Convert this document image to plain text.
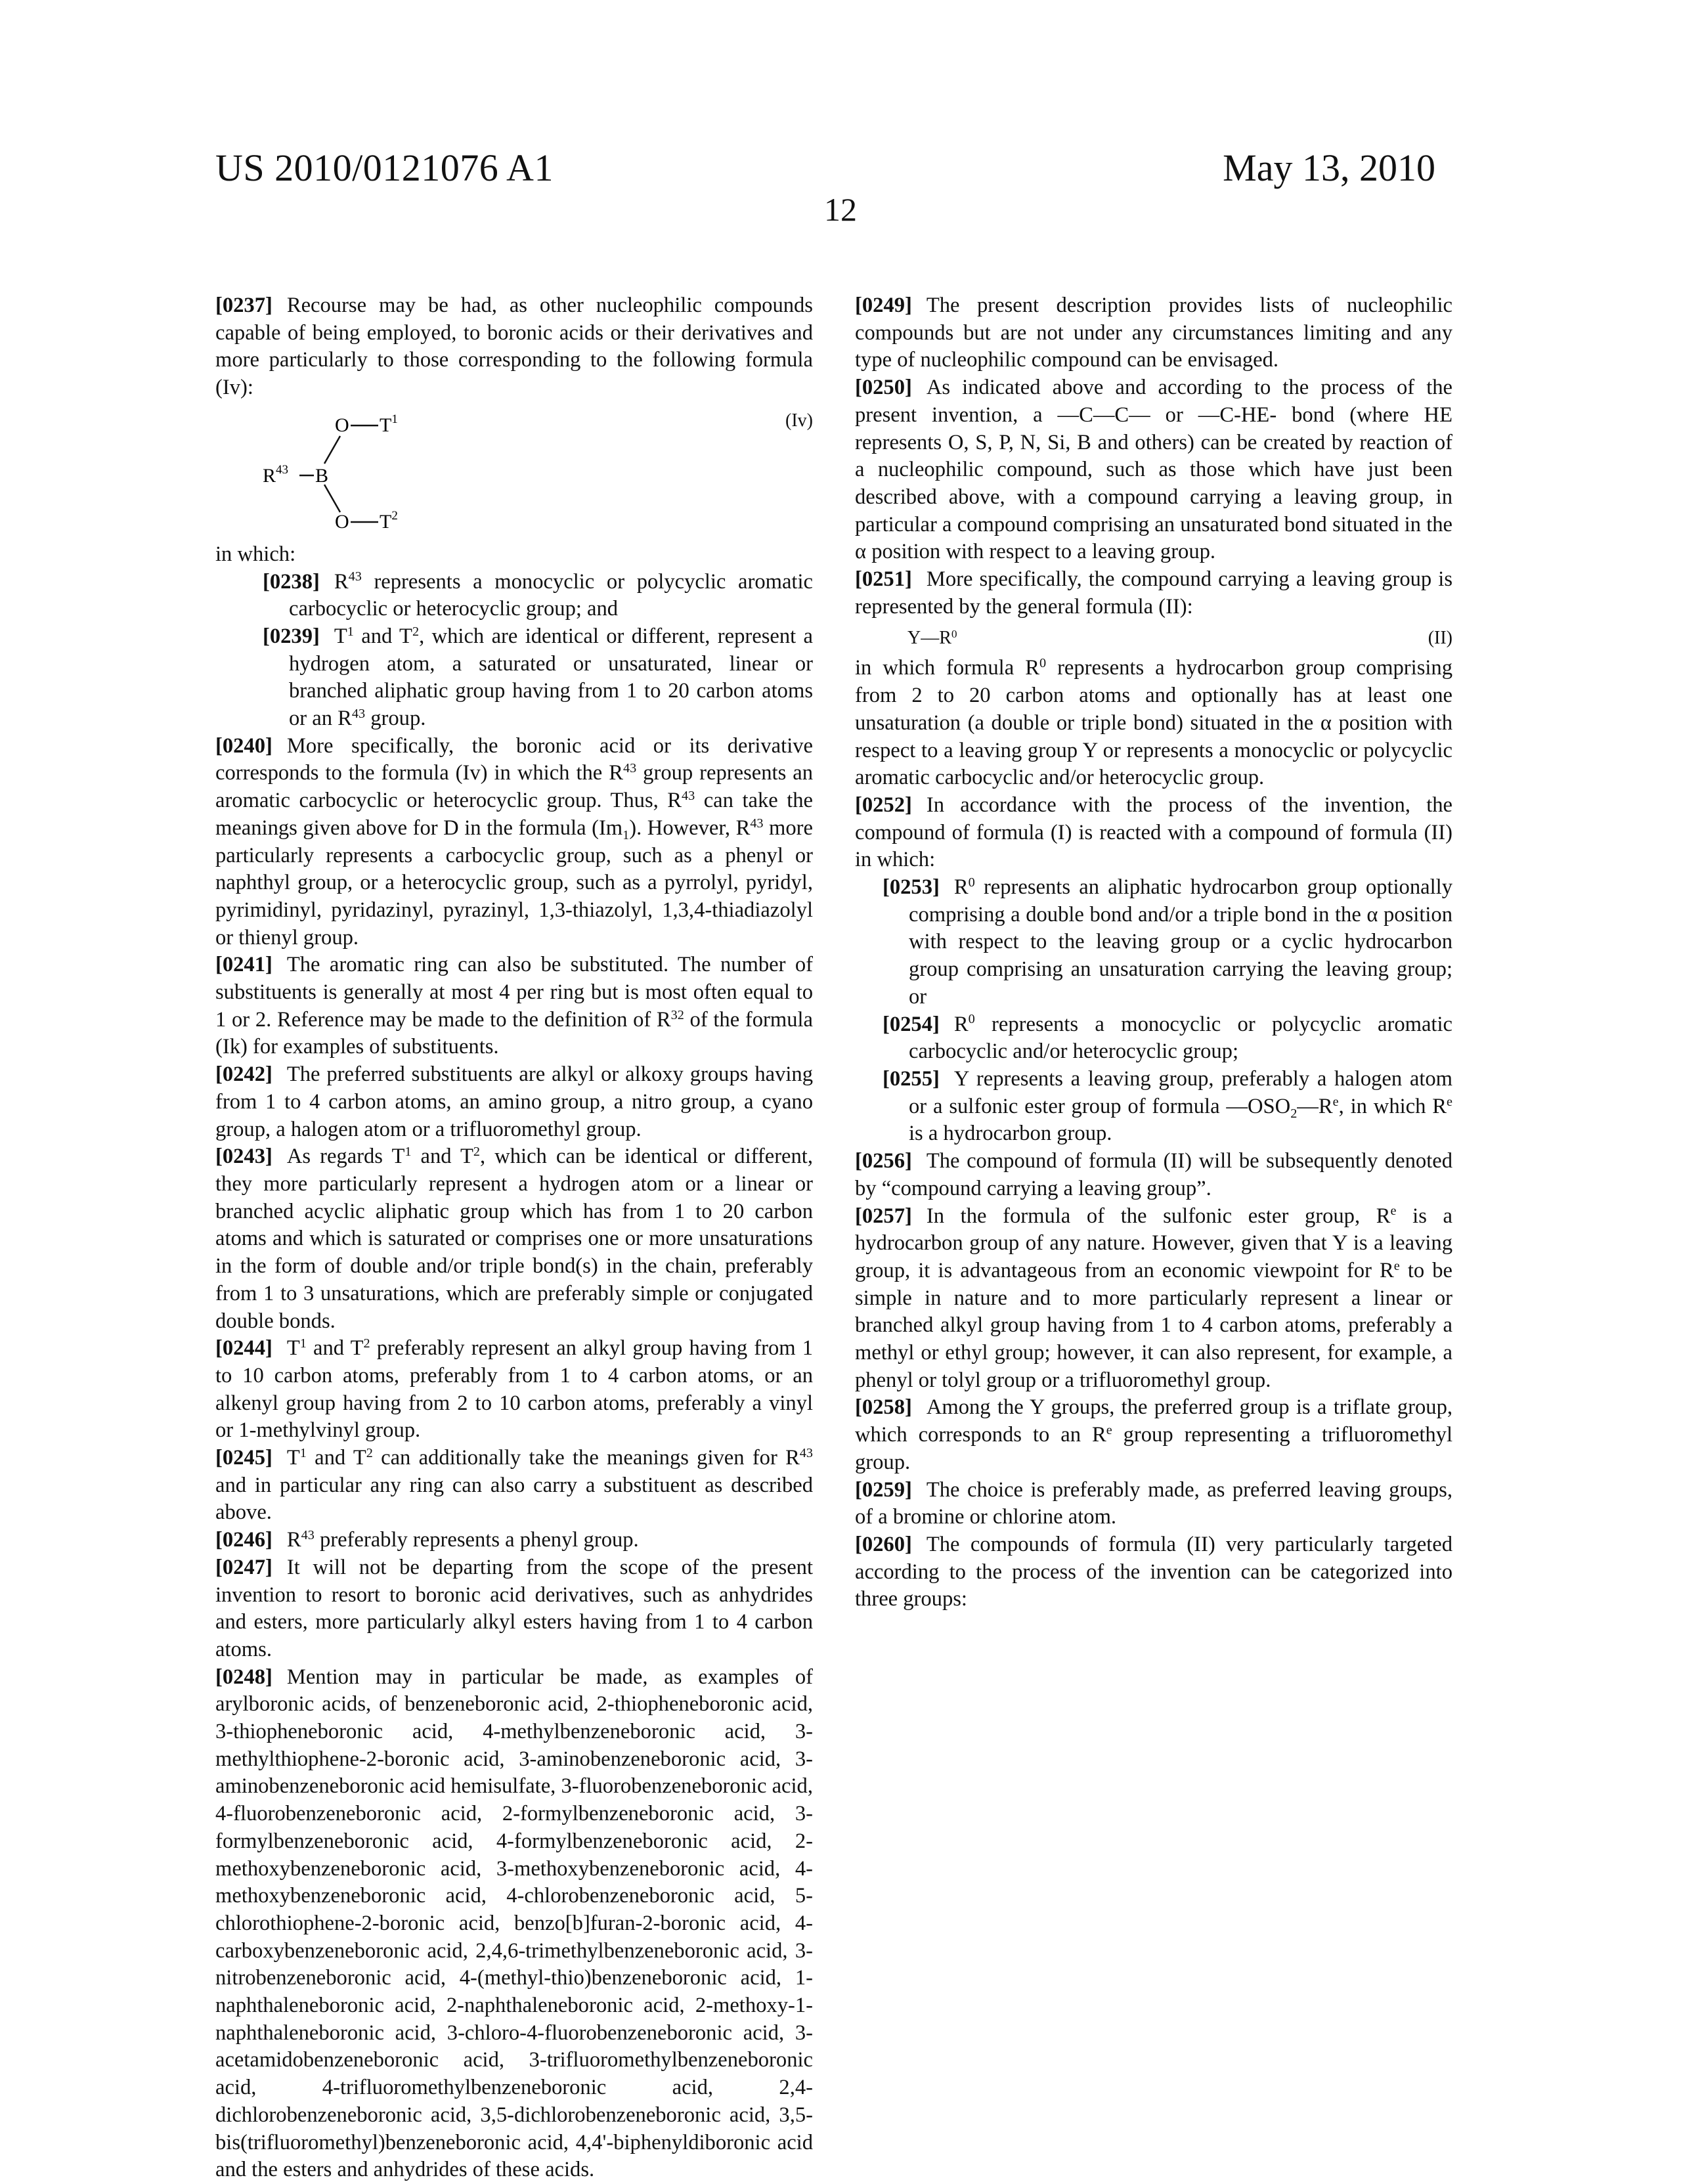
US 2010/0121076 A1	May 13, 2010
12

[0237] Recourse may be had, as other nucleophilic compounds capable of being employed, to boronic acids or their derivatives and more particularly to those corresponding to the following formula (Iv):

R43 B
O T1
O T2
(Iv)

in which:

[0238] R43 represents a monocyclic or polycyclic aromatic carbocyclic or heterocyclic group; and

[0239] T1 and T2, which are identical or different, represent a hydrogen atom, a saturated or unsaturated, linear or branched aliphatic group having from 1 to 20 carbon atoms or an R43 group.

[0240] More specifically, the boronic acid or its derivative corresponds to the formula (Iv) in which the R43 group represents an aromatic carbocyclic or heterocyclic group. Thus, R43 can take the meanings given above for D in the formula (Im1). However, R43 more particularly represents a carbocyclic group, such as a phenyl or naphthyl group, or a heterocyclic group, such as a pyrrolyl, pyridyl, pyrimidinyl, pyridazinyl, pyrazinyl, 1,3-thiazolyl, 1,3,4-thiadiazolyl or thienyl group.

[0241] The aromatic ring can also be substituted. The number of substituents is generally at most 4 per ring but is most often equal to 1 or 2. Reference may be made to the definition of R32 of the formula (Ik) for examples of substituents.

[0242] The preferred substituents are alkyl or alkoxy groups having from 1 to 4 carbon atoms, an amino group, a nitro group, a cyano group, a halogen atom or a trifluoromethyl group.

[0243] As regards T1 and T2, which can be identical or different, they more particularly represent a hydrogen atom or a linear or branched acyclic aliphatic group which has from 1 to 20 carbon atoms and which is saturated or comprises one or more unsaturations in the form of double and/or triple bond(s) in the chain, preferably from 1 to 3 unsaturations, which are preferably simple or conjugated double bonds.

[0244] T1 and T2 preferably represent an alkyl group having from 1 to 10 carbon atoms, preferably from 1 to 4 carbon atoms, or an alkenyl group having from 2 to 10 carbon atoms, preferably a vinyl or 1-methylvinyl group.

[0245] T1 and T2 can additionally take the meanings given for R43 and in particular any ring can also carry a substituent as described above.

[0246] R43 preferably represents a phenyl group.

[0247] It will not be departing from the scope of the present invention to resort to boronic acid derivatives, such as anhydrides and esters, more particularly alkyl esters having from 1 to 4 carbon atoms.

[0248] Mention may in particular be made, as examples of arylboronic acids, of benzeneboronic acid, 2-thiopheneboronic acid, 3-thiopheneboronic acid, 4-methylbenzeneboronic acid, 3-methylthiophene-2-boronic acid, 3-aminobenzeneboronic acid, 3-aminobenzeneboronic acid hemisulfate, 3-fluorobenzeneboronic acid, 4-fluorobenzeneboronic acid, 2-formylbenzeneboronic acid, 3-formylbenzeneboronic acid, 4-formylbenzeneboronic acid, 2-methoxybenzeneboronic acid, 3-methoxybenzeneboronic acid, 4-methoxybenzeneboronic acid, 4-chlorobenzeneboronic acid, 5-chlorothiophene-2-boronic acid, benzo[b]furan-2-boronic acid, 4-carboxybenzeneboronic acid, 2,4,6-trimethylbenzeneboronic acid, 3-nitrobenzeneboronic acid, 4-(methyl-thio)benzeneboronic acid, 1-naphthaleneboronic acid, 2-naphthaleneboronic acid, 2-methoxy-1-naphthaleneboronic acid, 3-chloro-4-fluorobenzeneboronic acid, 3-acetamidobenzeneboronic acid, 3-trifluoromethylbenzeneboronic acid, 4-trifluoromethylbenzeneboronic acid, 2,4-dichlorobenzeneboronic acid, 3,5-dichlorobenzeneboronic acid, 3,5-bis(trifluoromethyl)benzeneboronic acid, 4,4'-biphenyldiboronic acid and the esters and anhydrides of these acids.

[0249] The present description provides lists of nucleophilic compounds but are not under any circumstances limiting and any type of nucleophilic compound can be envisaged.

[0250] As indicated above and according to the process of the present invention, a —C—C— or —C-HE- bond (where HE represents O, S, P, N, Si, B and others) can be created by reaction of a nucleophilic compound, such as those which have just been described above, with a compound carrying a leaving group, in particular a compound comprising an unsaturated bond situated in the α position with respect to a leaving group.

[0251] More specifically, the compound carrying a leaving group is represented by the general formula (II):

Y—R0	(II)

in which formula R0 represents a hydrocarbon group comprising from 2 to 20 carbon atoms and optionally has at least one unsaturation (a double or triple bond) situated in the α position with respect to a leaving group Y or represents a monocyclic or polycyclic aromatic carbocyclic and/or heterocyclic group.

[0252] In accordance with the process of the invention, the compound of formula (I) is reacted with a compound of formula (II) in which:

[0253] R0 represents an aliphatic hydrocarbon group optionally comprising a double bond and/or a triple bond in the α position with respect to the leaving group or a cyclic hydrocarbon group comprising an unsaturation carrying the leaving group; or

[0254] R0 represents a monocyclic or polycyclic aromatic carbocyclic and/or heterocyclic group;

[0255] Y represents a leaving group, preferably a halogen atom or a sulfonic ester group of formula —OSO2—Re, in which Re is a hydrocarbon group.

[0256] The compound of formula (II) will be subsequently denoted by “compound carrying a leaving group”.

[0257] In the formula of the sulfonic ester group, Re is a hydrocarbon group of any nature. However, given that Y is a leaving group, it is advantageous from an economic viewpoint for Re to be simple in nature and to more particularly represent a linear or branched alkyl group having from 1 to 4 carbon atoms, preferably a methyl or ethyl group; however, it can also represent, for example, a phenyl or tolyl group or a trifluoromethyl group.

[0258] Among the Y groups, the preferred group is a triflate group, which corresponds to an Re group representing a trifluoromethyl group.

[0259] The choice is preferably made, as preferred leaving groups, of a bromine or chlorine atom.

[0260] The compounds of formula (II) very particularly targeted according to the process of the invention can be categorized into three groups:
